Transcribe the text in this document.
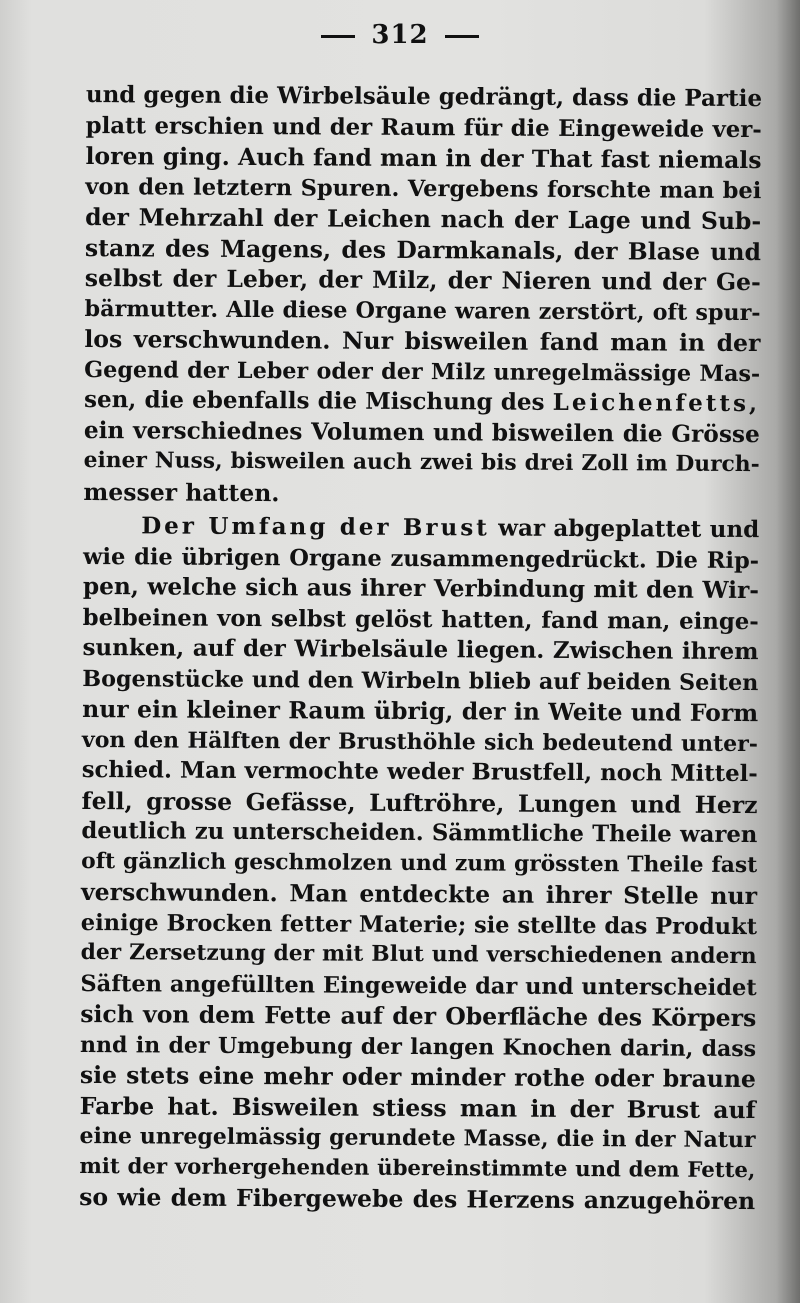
312
und gegen die Wirbelsäule gedrängt, dass die Partie
platt erschien und der Raum für die Eingeweide ver-
loren ging. Auch fand man in der That fast niemals
von den letztern Spuren. Vergebens forschte man bei
der Mehrzahl der Leichen nach der Lage und Sub-
stanz des Magens, des Darmkanals, der Blase und
selbst der Leber, der Milz, der Nieren und der Ge-
bärmutter. Alle diese Organe waren zerstört, oft spur-
los verschwunden. Nur bisweilen fand man in der
Gegend der Leber oder der Milz unregelmässige Mas-
sen, die ebenfalls die Mischung des Leichenfetts,
ein verschiednes Volumen und bisweilen die Grösse
einer Nuss, bisweilen auch zwei bis drei Zoll im Durch-
messer hatten.
Der Umfang der Brust war abgeplattet und
wie die übrigen Organe zusammengedrückt. Die Rip-
pen, welche sich aus ihrer Verbindung mit den Wir-
belbeinen von selbst gelöst hatten, fand man, einge-
sunken, auf der Wirbelsäule liegen. Zwischen ihrem
Bogenstücke und den Wirbeln blieb auf beiden Seiten
nur ein kleiner Raum übrig, der in Weite und Form
von den Hälften der Brusthöhle sich bedeutend unter-
schied. Man vermochte weder Brustfell, noch Mittel-
fell, grosse Gefässe, Luftröhre, Lungen und Herz
deutlich zu unterscheiden. Sämmtliche Theile waren
oft gänzlich geschmolzen und zum grössten Theile fast
verschwunden. Man entdeckte an ihrer Stelle nur
einige Brocken fetter Materie; sie stellte das Produkt
der Zersetzung der mit Blut und verschiedenen andern
Säften angefüllten Eingeweide dar und unterscheidet
sich von dem Fette auf der Oberfläche des Körpers
nnd in der Umgebung der langen Knochen darin, dass
sie stets eine mehr oder minder rothe oder braune
Farbe hat. Bisweilen stiess man in der Brust auf
eine unregelmässig gerundete Masse, die in der Natur
mit der vorhergehenden übereinstimmte und dem Fette,
so wie dem Fibergewebe des Herzens anzugehören
